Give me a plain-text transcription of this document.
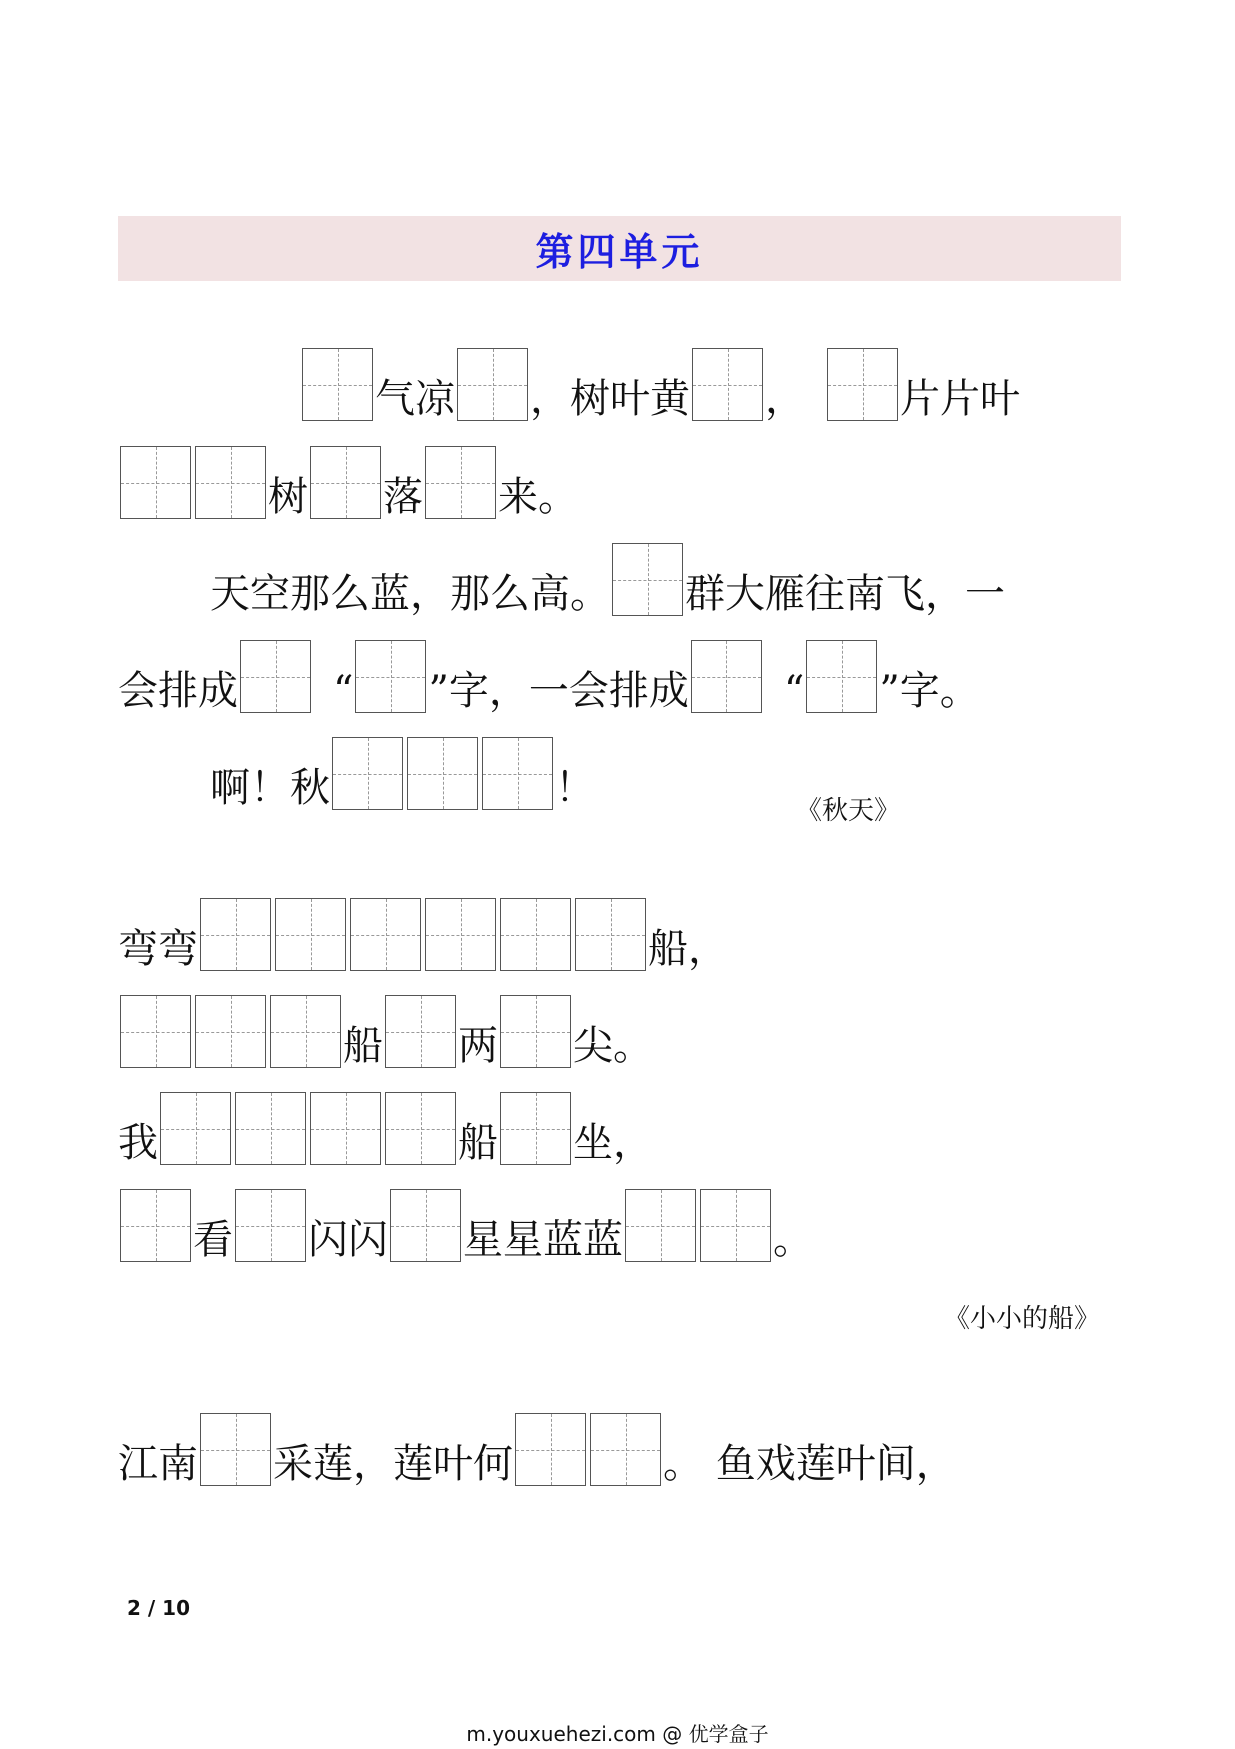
第四单元
气凉 ，树叶黄 ， 片片叶
树 落 来。
天空那么蓝，那么高。 群大雁往南飞，一
会排成 “ ”字，一会排成 “ ”字。
啊！秋	！	《秋天》
弯弯	船，
船 两 尖。
我	船 坐，
看 闪闪 星星蓝蓝	。
《小小的船》
江南 采莲，莲叶何	。 鱼戏莲叶间，
2 / 10
m.youxuehezi.com @ 优学盒子
